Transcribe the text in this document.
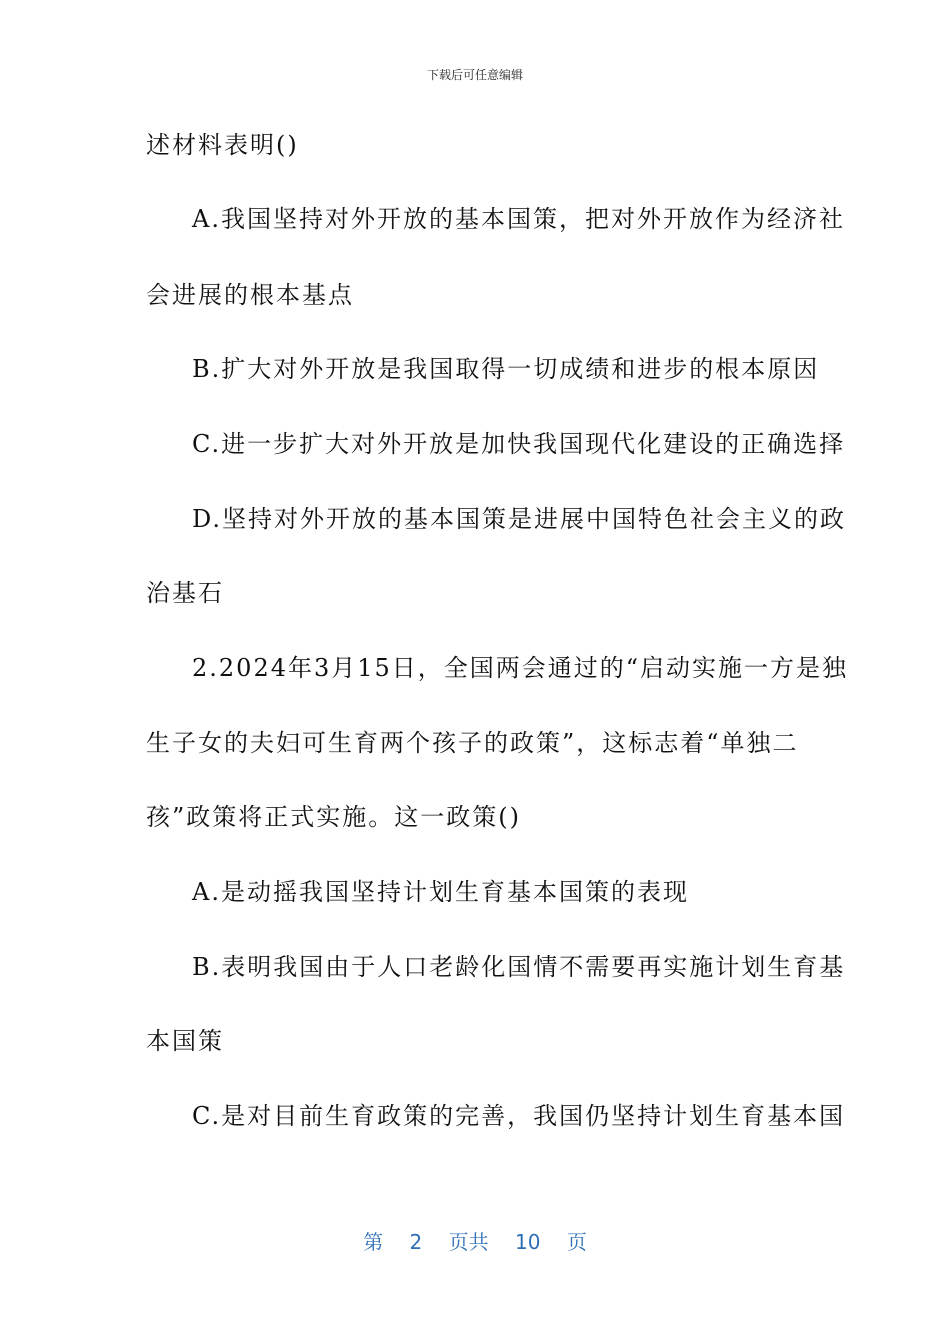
下载后可任意编辑
述材料表明()
A.我国坚持对外开放的基本国策，把对外开放作为经济社
会进展的根本基点
B.扩大对外开放是我国取得一切成绩和进步的根本原因
C.进一步扩大对外开放是加快我国现代化建设的正确选择
D.坚持对外开放的基本国策是进展中国特色社会主义的政
治基石
2.2024年3月15日，全国两会通过的“启动实施一方是独
生子女的夫妇可生育两个孩子的政策”，这标志着“单独二
孩”政策将正式实施。这一政策()
A.是动摇我国坚持计划生育基本国策的表现
B.表明我国由于人口老龄化国情不需要再实施计划生育基
本国策
C.是对目前生育政策的完善，我国仍坚持计划生育基本国
第 2 页共 10 页
